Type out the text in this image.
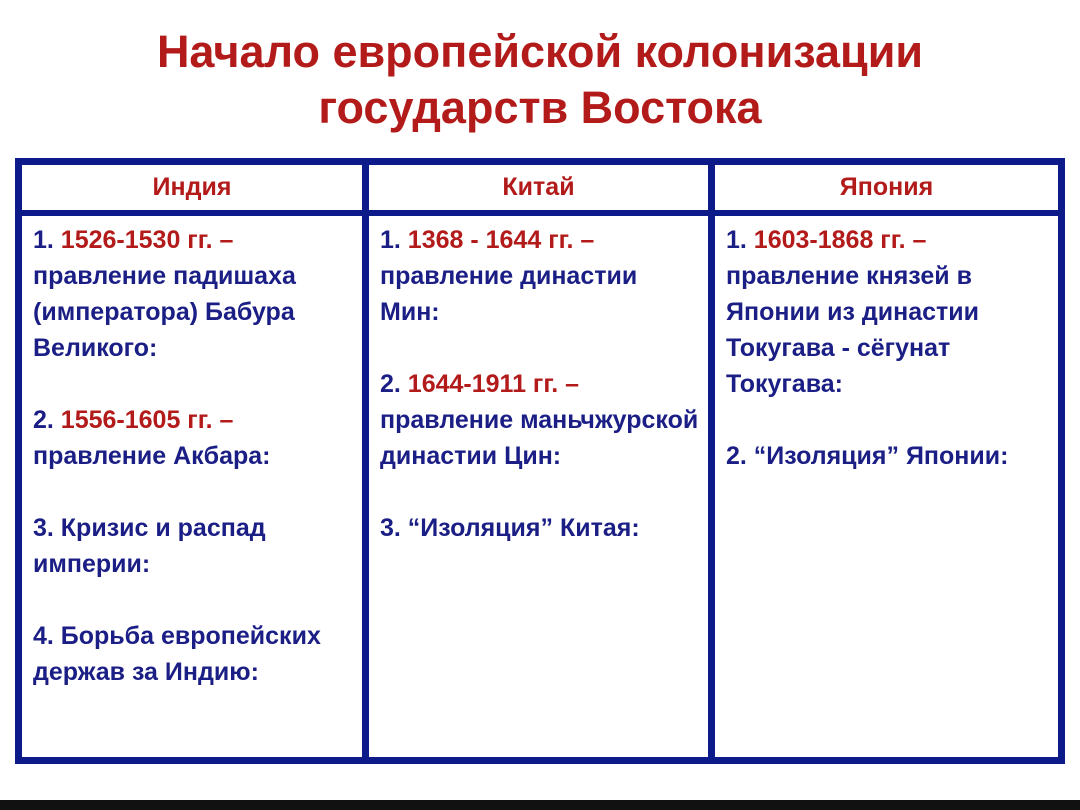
Начало европейской колонизации
государств Востока
Индия
1. 1526-1530 гг. – правление падишаха (императора) Бабура Великого:
2. 1556-1605 гг. – правление Акбара:
3. Кризис и распад империи:
4. Борьба европейских держав за Индию:
Китай
1. 1368 - 1644 гг. – правление династии Мин:
2. 1644-1911 гг. – правление маньчжурской династии Цин:
3. “Изоляция” Китая:
Япония
1. 1603-1868 гг. – правление князей в Японии из династии Токугава - сёгунат Токугава:
2. “Изоляция” Японии:
